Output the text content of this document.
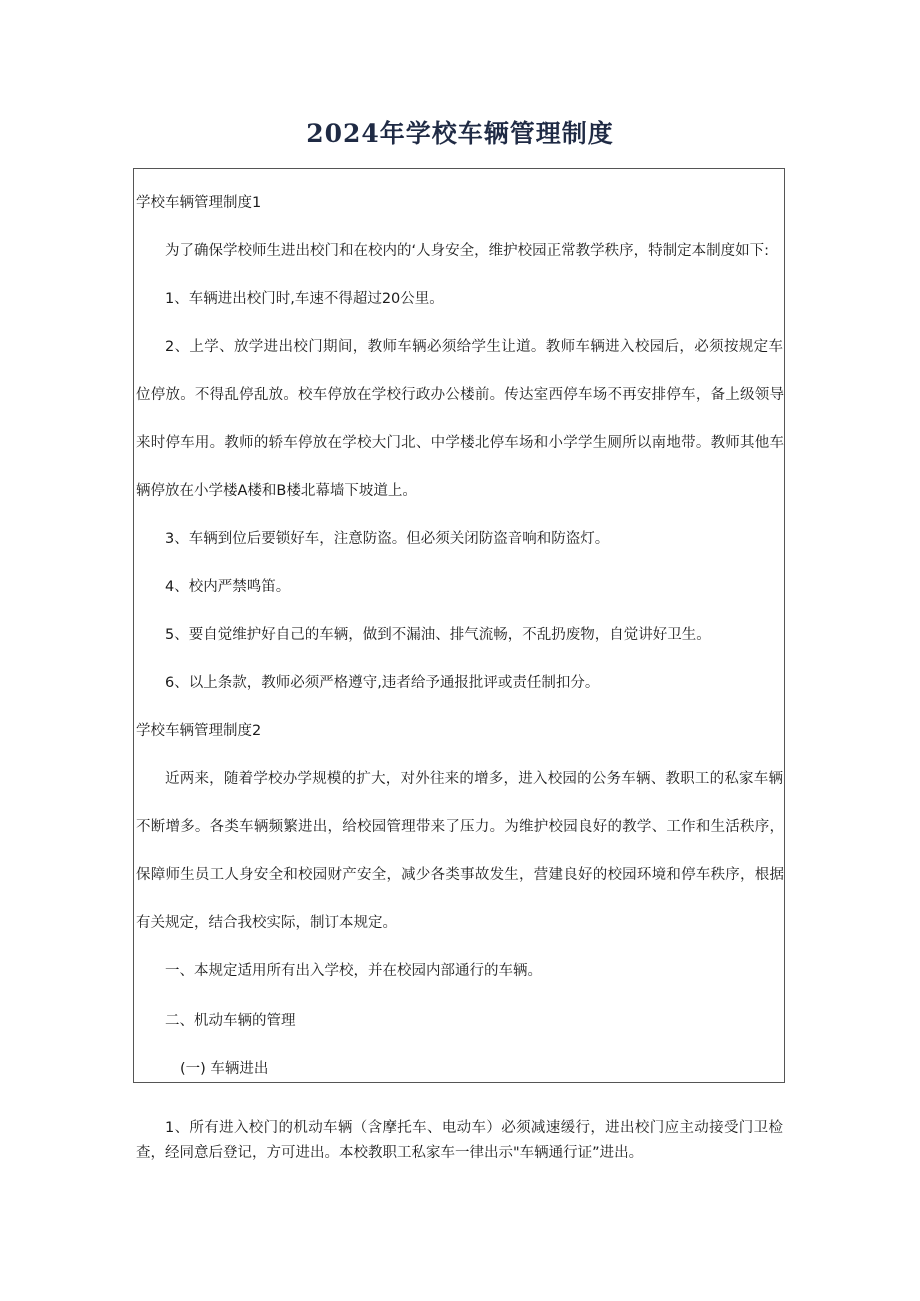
2024年学校车辆管理制度
学校车辆管理制度1
为了确保学校师生进出校门和在校内的‘人身安全，维护校园正常教学秩序，特制定本制度如下:
1、车辆进出校门时,车速不得超过20公里。
2、上学、放学进出校门期间，教师车辆必须给学生让道。教师车辆进入校园后，必须按规定车
位停放。不得乱停乱放。校车停放在学校行政办公楼前。传达室西停车场不再安排停车，备上级领导
来时停车用。教师的轿车停放在学校大门北、中学楼北停车场和小学学生厕所以南地带。教师其他车
辆停放在小学楼A楼和B楼北幕墙下坡道上。
3、车辆到位后要锁好车，注意防盗。但必须关闭防盗音响和防盗灯。
4、校内严禁鸣笛。
5、要自觉维护好自己的车辆，做到不漏油、排气流畅，不乱扔废物，自觉讲好卫生。
6、以上条款，教师必须严格遵守,违者给予通报批评或责任制扣分。
学校车辆管理制度2
近两来，随着学校办学规模的扩大，对外往来的增多，进入校园的公务车辆、教职工的私家车辆
不断增多。各类车辆频繁进出，给校园管理带来了压力。为维护校园良好的教学、工作和生活秩序，
保障师生员工人身安全和校园财产安全，减少各类事故发生，营建良好的校园环境和停车秩序，根据
有关规定，结合我校实际，制订本规定。
一、本规定适用所有出入学校，并在校园内部通行的车辆。
二、机动车辆的管理
(一) 车辆进出
1、所有进入校门的机动车辆（含摩托车、电动车）必须减速缓行，进出校门应主动接受门卫检
查，经同意后登记，方可进出。本校教职工私家车一律出示"车辆通行证”进出。
